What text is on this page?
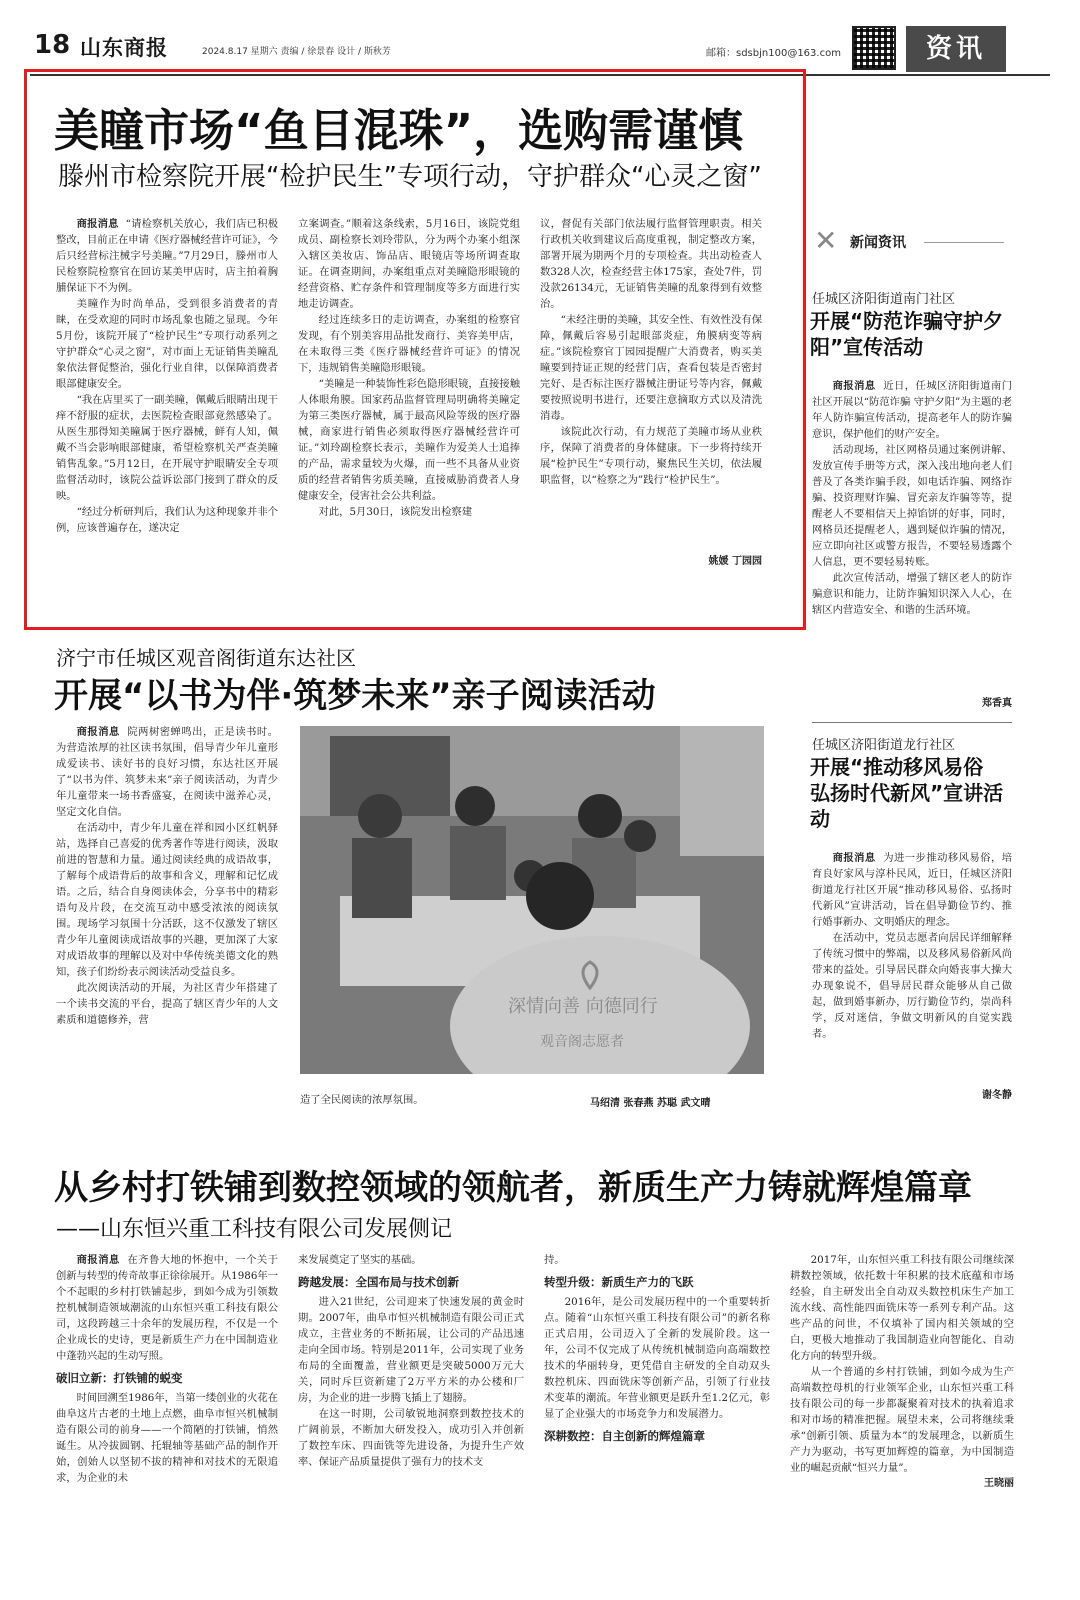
18 山东商报	2024.8.17 星期六 责编 / 徐景春 设计 / 斯秋芳	邮箱：sdsbjn100@163.com	资讯
美瞳市场“鱼目混珠”，选购需谨慎
滕州市检察院开展“检护民生”专项行动，守护群众“心灵之窗”

商报消息 “请检察机关放心，我们店已积极整改，目前正在申请《医疗器械经营许可证》，今后只经营标注械字号美瞳。”7月29日，滕州市人民检察院检察官在回访某美甲店时，店主拍着胸脯保证下不为例。

美瞳作为时尚单品，受到很多消费者的青睐，在受欢迎的同时市场乱象也随之显现。今年5月份，该院开展了“检护民生”专项行动系列之守护群众“心灵之窗”，对市面上无证销售美瞳乱象依法督促整治，强化行业自律，以保障消费者眼部健康安全。

“我在店里买了一副美瞳，佩戴后眼睛出现干痒不舒服的症状，去医院检查眼部竟然感染了。从医生那得知美瞳属于医疗器械，鲜有人知，佩戴不当会影响眼部健康，希望检察机关严查美瞳销售乱象。”5月12日，在开展守护眼睛安全专项监督活动时，该院公益诉讼部门接到了群众的反映。

“经过分析研判后，我们认为这种现象并非个例，应该普遍存在，遂决定

立案调查。”顺着这条线索，5月16日，该院党组成员、副检察长刘玲带队，分为两个办案小组深入辖区美妆店、饰品店、眼镜店等场所调查取证。在调查期间，办案组重点对美瞳隐形眼镜的经营资格、贮存条件和管理制度等多方面进行实地走访调查。

经过连续多日的走访调查，办案组的检察官发现，有个别美容用品批发商行、美容美甲店，在未取得三类《医疗器械经营许可证》的情况下，违规销售美瞳隐形眼镜。

“美瞳是一种装饰性彩色隐形眼镜，直接接触人体眼角膜。国家药品监督管理局明确将美瞳定为第三类医疗器械，属于最高风险等级的医疗器械，商家进行销售必须取得医疗器械经营许可证。”刘玲副检察长表示，美瞳作为爱美人士追捧的产品，需求量较为火爆，而一些不具备从业资质的经营者销售劣质美瞳，直接威胁消费者人身健康安全，侵害社会公共利益。

对此，5月30日，该院发出检察建

议，督促有关部门依法履行监督管理职责。相关行政机关收到建议后高度重视，制定整改方案，部署开展为期两个月的专项检查。共出动检查人数328人次，检查经营主体175家，查处7件，罚没款26134元，无证销售美瞳的乱象得到有效整治。

“未经注册的美瞳，其安全性、有效性没有保障，佩戴后容易引起眼部炎症，角膜病变等病症。”该院检察官丁园园提醒广大消费者，购买美瞳要到持证正规的经营门店，查看包装是否密封完好、是否标注医疗器械注册证号等内容，佩戴要按照说明书进行，还要注意摘取方式以及清洗消毒。

该院此次行动，有力规范了美瞳市场从业秩序，保障了消费者的身体健康。下一步将持续开展“检护民生”专项行动，聚焦民生关切，依法履职监督，以“检察之为”践行“检护民生”。

姚媛 丁园园

✕ 新闻资讯
任城区济阳街道南门社区
开展“防范诈骗守护夕阳”宣传活动

商报消息 近日，任城区济阳街道南门社区开展以“防范诈骗 守护夕阳”为主题的老年人防诈骗宣传活动，提高老年人的防诈骗意识，保护他们的财产安全。

活动现场，社区网格员通过案例讲解、发放宣传手册等方式，深入浅出地向老人们普及了各类诈骗手段，如电话诈骗、网络诈骗、投资理财诈骗、冒充亲友诈骗等等，提醒老人不要相信天上掉馅饼的好事，同时，网格员还提醒老人，遇到疑似诈骗的情况，应立即向社区或警方报告，不要轻易透露个人信息，更不要轻易转账。

此次宣传活动，增强了辖区老人的防诈骗意识和能力，让防诈骗知识深入人心，在辖区内营造安全、和谐的生活环境。

郑香真

任城区济阳街道龙行社区
开展“推动移风易俗 弘扬时代新风”宣讲活动

商报消息 为进一步推动移风易俗，培育良好家风与淳朴民风，近日，任城区济阳街道龙行社区开展“推动移风易俗、弘扬时代新风”宣讲活动，旨在倡导勤俭节约、推行婚事新办、文明婚庆的理念。

在活动中，党员志愿者向居民详细解释了传统习惯中的弊端，以及移风易俗新风尚带来的益处。引导居民群众向婚丧事大操大办现象说不，倡导居民群众能够从自己做起，做到婚事新办，厉行勤俭节约，崇尚科学，反对迷信，争做文明新风的自觉实践者。

谢冬静

济宁市任城区观音阁街道东达社区
开展“以书为伴·筑梦未来”亲子阅读活动

商报消息 院两树密蝉鸣出，正是读书时。为营造浓厚的社区读书氛围，倡导青少年儿童形成爱读书、读好书的良好习惯，东达社区开展了“以书为伴、筑梦未来”亲子阅读活动，为青少年儿童带来一场书香盛宴，在阅读中滋养心灵，坚定文化自信。

在活动中，青少年儿童在祥和园小区红帆驿站，选择自己喜爱的优秀著作等进行阅读，汲取前进的智慧和力量。通过阅读经典的成语故事，了解每个成语背后的故事和含义，理解和记忆成语。之后，结合自身阅读体会，分享书中的精彩语句及片段，在交流互动中感受浓浓的阅读氛围。现场学习氛围十分活跃，这不仅激发了辖区青少年儿童阅读成语故事的兴趣，更加深了大家对成语故事的理解以及对中华传统美德文化的熟知，孩子们纷纷表示阅读活动受益良多。

此次阅读活动的开展，为社区青少年搭建了一个读书交流的平台，提高了辖区青少年的人文素质和道德修养，营

深情向善 向德同行
观音阁志愿者

造了全民阅读的浓厚氛围。	马绍清 张春燕 苏聪 武文晴
从乡村打铁铺到数控领域的领航者，新质生产力铸就辉煌篇章
——山东恒兴重工科技有限公司发展侧记

商报消息 在齐鲁大地的怀抱中，一个关于创新与转型的传奇故事正徐徐展开。从1986年一个不起眼的乡村打铁铺起步，到如今成为引领数控机械制造领域潮流的山东恒兴重工科技有限公司，这段跨越三十余年的发展历程，不仅是一个企业成长的史诗，更是新质生产力在中国制造业中蓬勃兴起的生动写照。

破旧立新：打铁铺的蜕变

时间回溯至1986年，当第一缕创业的火花在曲阜这片古老的土地上点燃，曲阜市恒兴机械制造有限公司的前身——一个简陋的打铁铺，悄然诞生。从冷拔圆钢、托辊轴等基础产品的制作开始，创始人以坚韧不拔的精神和对技术的无限追求，为企业的未

来发展奠定了坚实的基础。

跨越发展：全国布局与技术创新

进入21世纪，公司迎来了快速发展的黄金时期。2007年，曲阜市恒兴机械制造有限公司正式成立，主营业务的不断拓展，让公司的产品迅速走向全国市场。特别是2011年，公司实现了业务布局的全面覆盖，营业额更是突破5000万元大关，同时斥巨资新建了2万平方米的办公楼和厂房，为企业的进一步腾飞插上了翅膀。

在这一时期，公司敏锐地洞察到数控技术的广阔前景，不断加大研发投入，成功引入并创新了数控车床、四面铣等先进设备，为提升生产效率、保证产品质量提供了强有力的技术支

持。

转型升级：新质生产力的飞跃

2016年，是公司发展历程中的一个重要转折点。随着“山东恒兴重工科技有限公司”的新名称正式启用，公司迈入了全新的发展阶段。这一年，公司不仅完成了从传统机械制造向高端数控技术的华丽转身，更凭借自主研发的全自动双头数控机床、四面铣床等创新产品，引领了行业技术变革的潮流。年营业额更是跃升至1.2亿元，彰显了企业强大的市场竞争力和发展潜力。

深耕数控：自主创新的辉煌篇章

2017年，山东恒兴重工科技有限公司继续深耕数控领域，依托数十年积累的技术底蕴和市场经验，自主研发出全自动双头数控机床生产加工流水线、高性能四面铣床等一系列专利产品。这些产品的问世，不仅填补了国内相关领域的空白，更极大地推动了我国制造业向智能化、自动化方向的转型升级。

从一个普通的乡村打铁铺，到如今成为生产高端数控母机的行业领军企业，山东恒兴重工科技有限公司的每一步都凝聚着对技术的执着追求和对市场的精准把握。展望未来，公司将继续秉承“创新引领、质量为本”的发展理念，以新质生产力为驱动，书写更加辉煌的篇章，为中国制造业的崛起贡献“恒兴力量”。

王晓丽
